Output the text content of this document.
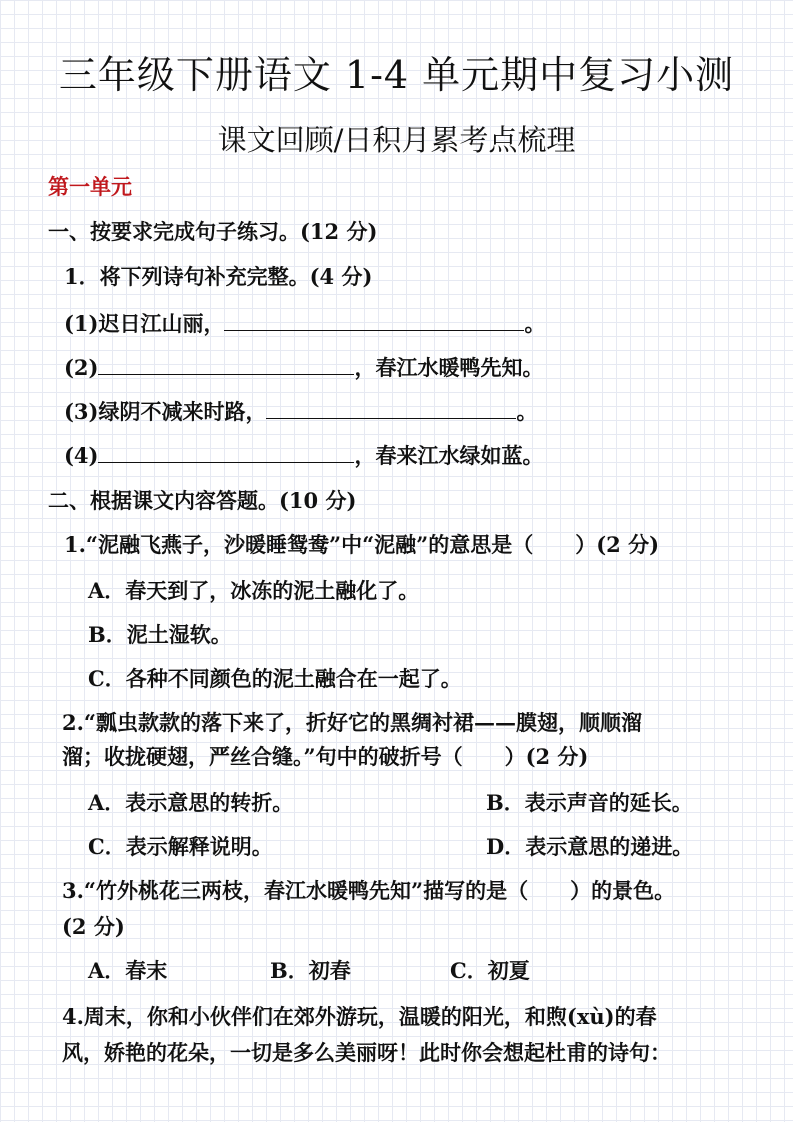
三年级下册语文 1-4 单元期中复习小测
课文回顾/日积月累考点梳理
第一单元
一、按要求完成句子练习。(12 分)
1．将下列诗句补充完整。(4 分)
(1)迟日江山丽，	。
(2)	，春江水暖鸭先知。
(3)绿阴不减来时路，	。
(4)	，春来江水绿如蓝。
二、根据课文内容答题。(10 分)
1.“泥融飞燕子，沙暖睡鸳鸯”中“泥融”的意思是（　　）(2 分)
A．春天到了，冰冻的泥土融化了。
B．泥土湿软。
C．各种不同颜色的泥土融合在一起了。
2.“瓢虫款款的落下来了，折好它的黑绸衬裙——膜翅，顺顺溜
溜；收拢硬翅，严丝合缝。”句中的破折号（　　）(2 分)
A．表示意思的转折。	B．表示声音的延长。
C．表示解释说明。	D．表示意思的递进。
3.“竹外桃花三两枝，春江水暖鸭先知”描写的是（　　）的景色。
(2 分)
A．春末	B．初春	C．初夏
4.周末，你和小伙伴们在郊外游玩，温暖的阳光，和煦(xù)的春
风，娇艳的花朵，一切是多么美丽呀！此时你会想起杜甫的诗句：
